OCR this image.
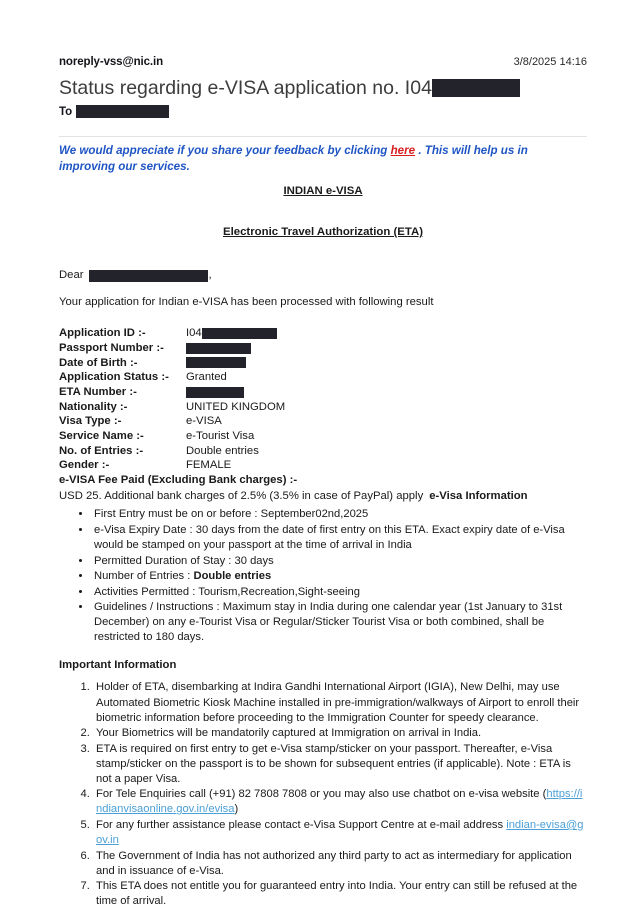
noreply-vss@nic.in	3/8/2025 14:16
Status regarding e-VISA application no. I04
To

We would appreciate if you share your feedback by clicking here . This will help us in improving our services.

INDIAN e-VISA
Electronic Travel Authorization (ETA)
Dear	,
Your application for Indian e-VISA has been processed with following result
Application ID :-	I04
Passport Number :-	
Date of Birth :-	
Application Status :-	Granted
ETA Number :-	
Nationality :-	UNITED KINGDOM
Visa Type :-	e-VISA
Service Name :-	e-Tourist Visa
No. of Entries :-	Double entries
Gender :-	FEMALE
e-VISA Fee Paid (Excluding Bank charges) :-
USD 25. Additional bank charges of 2.5% (3.5% in case of PayPal) apply e-Visa Information
• First Entry must be on or before : September02nd,2025
• e-Visa Expiry Date : 30 days from the date of first entry on this ETA. Exact expiry date of e-Visa would be stamped on your passport at the time of arrival in India
• Permitted Duration of Stay : 30 days
• Number of Entries : Double entries
• Activities Permitted : Tourism,Recreation,Sight-seeing
• Guidelines / Instructions : Maximum stay in India during one calendar year (1st January to 31st December) on any e-Tourist Visa or Regular/Sticker Tourist Visa or both combined, shall be restricted to 180 days.
Important Information
1. Holder of ETA, disembarking at Indira Gandhi International Airport (IGIA), New Delhi, may use Automated Biometric Kiosk Machine installed in pre-immigration/walkways of Airport to enroll their biometric information before proceeding to the Immigration Counter for speedy clearance.
2. Your Biometrics will be mandatorily captured at Immigration on arrival in India.
3. ETA is required on first entry to get e-Visa stamp/sticker on your passport. Thereafter, e-Visa stamp/sticker on the passport is to be shown for subsequent entries (if applicable). Note : ETA is not a paper Visa.
4. For Tele Enquiries call (+91) 82 7808 7808 or you may also use chatbot on e-visa website (https://indianvisaonline.gov.in/evisa)
5. For any further assistance please contact e-Visa Support Centre at e-mail address indian-evisa@gov.in
6. The Government of India has not authorized any third party to act as intermediary for application and in issuance of e-Visa.
7. This ETA does not entitle you for guaranteed entry into India. Your entry can still be refused at the time of arrival.
